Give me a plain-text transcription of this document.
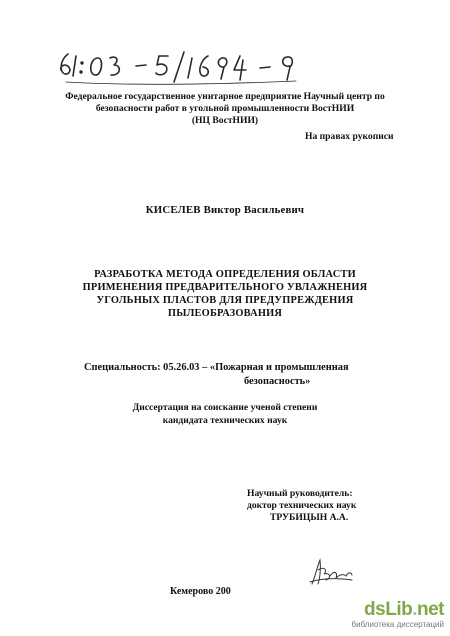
Федеральное государственное унитарное предприятие Научный центр по
безопасности работ в угольной промышленности ВостНИИ
(НЦ ВостНИИ)
На правах рукописи
КИСЕЛЕВ Виктор Васильевич
РАЗРАБОТКА МЕТОДА ОПРЕДЕЛЕНИЯ ОБЛАСТИ
ПРИМЕНЕНИЯ ПРЕДВАРИТЕЛЬНОГО УВЛАЖНЕНИЯ
УГОЛЬНЫХ ПЛАСТОВ ДЛЯ ПРЕДУПРЕЖДЕНИЯ
ПЫЛЕОБРАЗОВАНИЯ
Специальность: 05.26.03 – «Пожарная и промышленная
безопасность»
Диссертация на соискание ученой степени
кандидата технических наук
Научный руководитель:
доктор технических наук
ТРУБИЦЫН А.А.
Кемерово 200
dsLib.net
библиотека диссертаций
